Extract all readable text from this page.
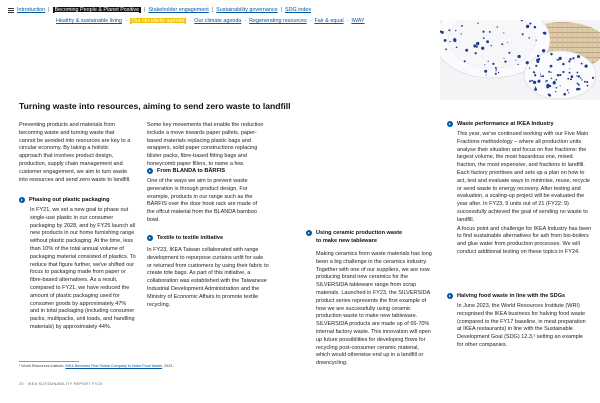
Introduction | Becoming People & Planet Positive | Stakeholder engagement | Sustainability governance | SDG index
Healthy & sustainable living · Our circularity agenda · Our climate agenda · Regenerating resources · Fair & equal · IWAY
Turning waste into resources, aiming to send zero waste to landfill

Preventing products and materials from becoming waste and turning waste that cannot be avoided into resources are key to a circular economy. By taking a holistic approach that involves product design, production, supply chain management and customer engagement, we aim to turn waste into resources and send zero waste to landfill.

Phasing out plastic packaging

In FY21, we set a new goal to phase out single-use plastic in our consumer packaging by 2028, and by FY25 launch all new products in our home furnishing range without plastic packaging. At the time, less than 10% of the total annual volume of packaging material consisted of plastics. To reduce that figure further, we've shifted our focus to packaging made from paper or fibre-based alternatives. As a result, compared to FY21, we have reduced the amount of plastic packaging used for consumer goods by approximately 47% and in total packaging (including consumer packs, multipacks, unit loads, and handling materials) by approximately 44%.

Some key movements that enable the reduction include a move towards paper pallets, paper-based materials replacing plastic bags and wrappers, solid paper constructions replacing blister packs, fibre-based fitting bags and honeycomb paper fillers, to name a few.

From BLANDA to BÄRFIS

One of the ways we aim to prevent waste generation is through product design. For example, products in our range such as the BÄRFIS over the door hook rack are made of the offcut material from the BLANDA bamboo bowl.

Textile to textile initiative

In FY23, IKEA Taiwan collaborated with range development to repurpose curtains unfit for sale or returned from customers by using their fabric to create tote bags. As part of this initiative, a collaboration was established with the Taiwanese Industrial Development Administration and the Ministry of Economic Affairs to promote textile recycling.

Using ceramic production waste
to make new tableware

Making ceramics from waste materials has long been a big challenge in the ceramics industry. Together with one of our suppliers, we are now producing brand new ceramics for the SILVERSIDA tableware range from scrap materials. Launched in FY23, the SILVERSIDA product series represents the first example of how we are successfully using ceramic production waste to make new tableware. SILVERSIDA products are made up of 65-70% internal factory waste. This innovation will open up future possibilities for developing flows for recycling post-consumer ceramic material, which would otherwise end up in a landfill or downcycling.

Waste performance at IKEA Industry

This year, we've continued working with our Five Main Fractions methodology – where all production units analyse their situation and focus on five fractions: the largest volume, the most hazardous one, mixed fraction, the most expensive, and fractions to landfill. Each factory prioritises and sets up a plan on how to act, test and evaluate ways to minimise, reuse, recycle or send waste to energy recovery. After testing and evaluation, a scaling-up project will be evaluated the year after. In FY23, 9 units out of 21 (FY22: 9) successfully achieved the goal of sending no waste to landfill.

A focus point and challenge for IKEA Industry has been to find sustainable alternatives for ash from bio-boilers and glue water from production processes. We will conduct additional testing on these topics in FY24.

Halving food waste in line with the SDGs

In June 2023, the World Resources Institute (WRI) recognised the IKEA business for halving food waste (compared to the FY17 baseline, in meat preparation at IKEA restaurants) in line with the Sustainable Development Goal (SDG) 12.3,¹ setting an example for other companies.

¹ World Resources Institute, IKEA Becomes First Global Company to Halve Food Waste, 2023.
20 · IKEA SUSTAINABILITY REPORT FY23
